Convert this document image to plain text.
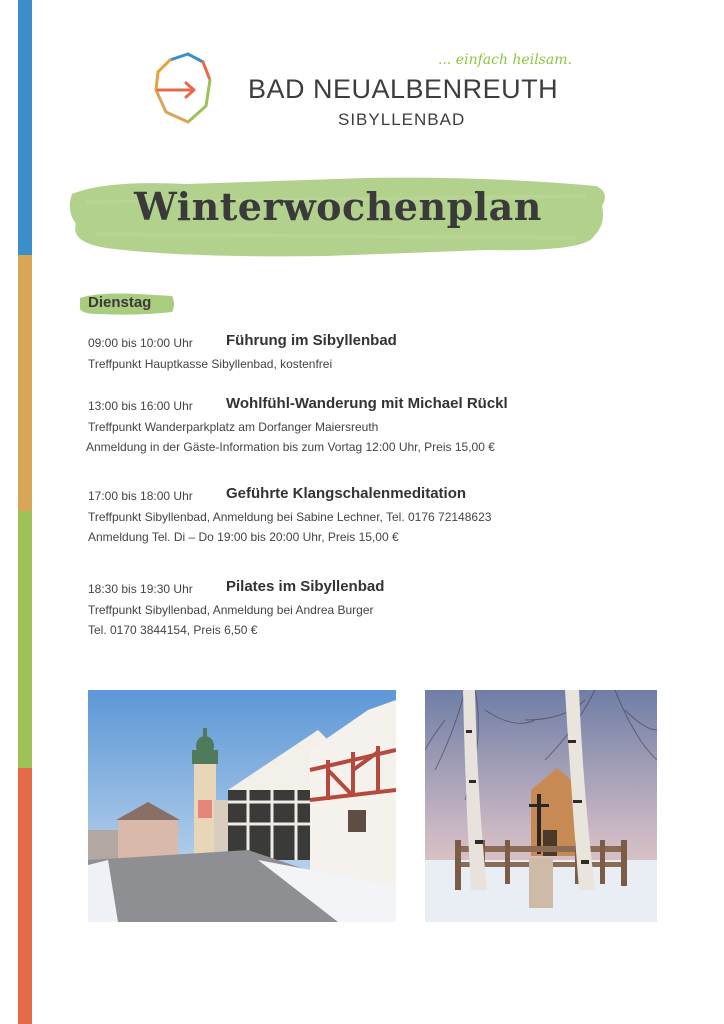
... einfach heilsam.
BAD NEUALBENREUTH
SIBYLLENBAD
Winterwochenplan
Dienstag
09:00 bis 10:00 Uhr Führung im Sibyllenbad
Treffpunkt Hauptkasse Sibyllenbad, kostenfrei
13:00 bis 16:00 Uhr Wohlfühl-Wanderung mit Michael Rückl
Treffpunkt Wanderparkplatz am Dorfanger Maiersreuth
Anmeldung in der Gäste-Information bis zum Vortag 12:00 Uhr, Preis 15,00 €
17:00 bis 18:00 Uhr Geführte Klangschalenmeditation
Treffpunkt Sibyllenbad, Anmeldung bei Sabine Lechner, Tel. 0176 72148623
Anmeldung Tel. Di – Do 19:00 bis 20:00 Uhr, Preis 15,00 €
18:30 bis 19:30 Uhr Pilates im Sibyllenbad
Treffpunkt Sibyllenbad, Anmeldung bei Andrea Burger
Tel. 0170 3844154, Preis 6,50 €
